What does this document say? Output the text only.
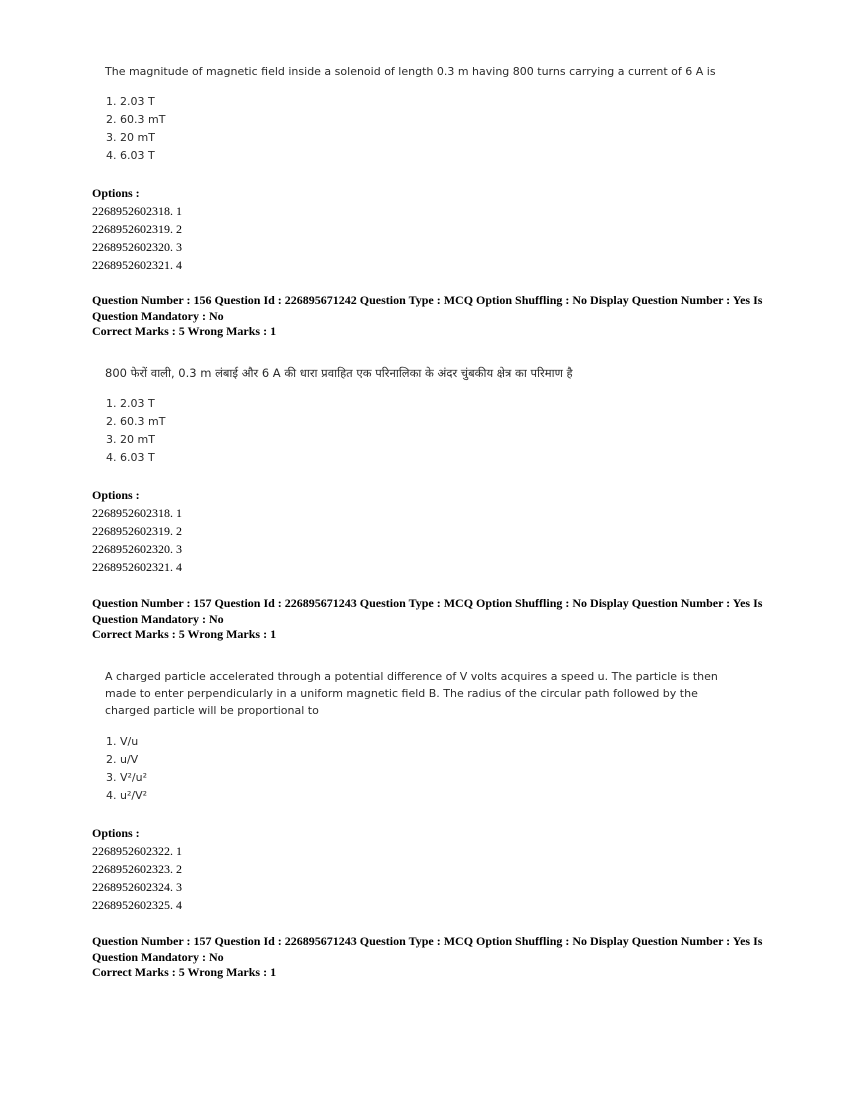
The magnitude of magnetic field inside a solenoid of length 0.3 m having 800 turns carrying a current of 6 A is
1. 2.03 T
2. 60.3 mT
3. 20 mT
4. 6.03 T
Options :
2268952602318. 1
2268952602319. 2
2268952602320. 3
2268952602321. 4
Question Number : 156 Question Id : 226895671242 Question Type : MCQ Option Shuffling : No Display Question Number : Yes Is Question Mandatory : No
Correct Marks : 5 Wrong Marks : 1
800 फेरों वाली, 0.3 m लंबाई और 6 A की धारा प्रवाहित एक परिनालिका के अंदर चुंबकीय क्षेत्र का परिमाण है
1. 2.03 T
2. 60.3 mT
3. 20 mT
4. 6.03 T
Options :
2268952602318. 1
2268952602319. 2
2268952602320. 3
2268952602321. 4
Question Number : 157 Question Id : 226895671243 Question Type : MCQ Option Shuffling : No Display Question Number : Yes Is Question Mandatory : No
Correct Marks : 5 Wrong Marks : 1
A charged particle accelerated through a potential difference of V volts acquires a speed u. The particle is then made to enter perpendicularly in a uniform magnetic field B. The radius of the circular path followed by the charged particle will be proportional to
1. V/u
2. u/V
3. V²/u²
4. u²/V²
Options :
2268952602322. 1
2268952602323. 2
2268952602324. 3
2268952602325. 4
Question Number : 157 Question Id : 226895671243 Question Type : MCQ Option Shuffling : No Display Question Number : Yes Is Question Mandatory : No
Correct Marks : 5 Wrong Marks : 1
